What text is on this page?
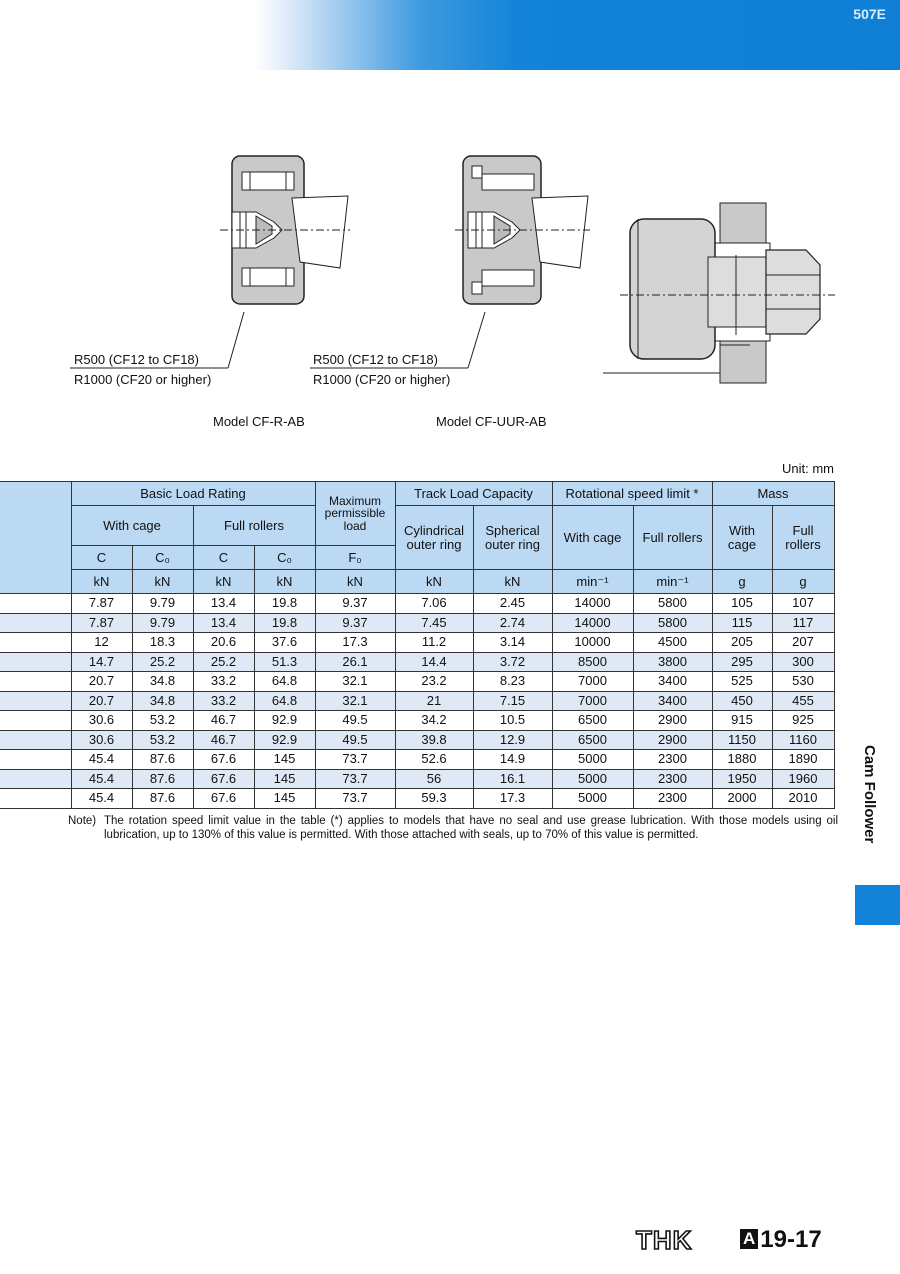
507E
R500 (CF12 to CF18)
R1000 (CF20 or higher)
Model CF-R-AB
R500 (CF12 to CF18)
R1000 (CF20 or higher)
Model CF-UUR-AB
Unit: mm
	Basic Load Rating				Maximum
permissible
load	Track Load Capacity		Rotational speed limit *		Mass	
	With cage		Full rollers			Cylindrical
outer ring	Spherical
outer ring	With cage	Full rollers	With
cage	Full
rollers
	C	C₀	C	C₀	F₀						
	kN	kN	kN	kN	kN	kN	kN	min⁻¹	min⁻¹	g	g
	7.87	9.79	13.4	19.8	9.37	7.06	2.45	14000	5800	105	107
	7.87	9.79	13.4	19.8	9.37	7.45	2.74	14000	5800	115	117
	12	18.3	20.6	37.6	17.3	11.2	3.14	10000	4500	205	207
	14.7	25.2	25.2	51.3	26.1	14.4	3.72	8500	3800	295	300
	20.7	34.8	33.2	64.8	32.1	23.2	8.23	7000	3400	525	530
	20.7	34.8	33.2	64.8	32.1	21	7.15	7000	3400	450	455
	30.6	53.2	46.7	92.9	49.5	34.2	10.5	6500	2900	915	925
	30.6	53.2	46.7	92.9	49.5	39.8	12.9	6500	2900	1150	1160
	45.4	87.6	67.6	145	73.7	52.6	14.9	5000	2300	1880	1890
	45.4	87.6	67.6	145	73.7	56	16.1	5000	2300	1950	1960
	45.4	87.6	67.6	145	73.7	59.3	17.3	5000	2300	2000	2010
Note) The rotation speed limit value in the table (*) applies to models that have no seal and use grease lubrication. With those models using oil lubrication, up to 130% of this value is permitted. With those attached with seals, up to 70% of this value is permitted.	Cam Follower
THK	A 19-17
